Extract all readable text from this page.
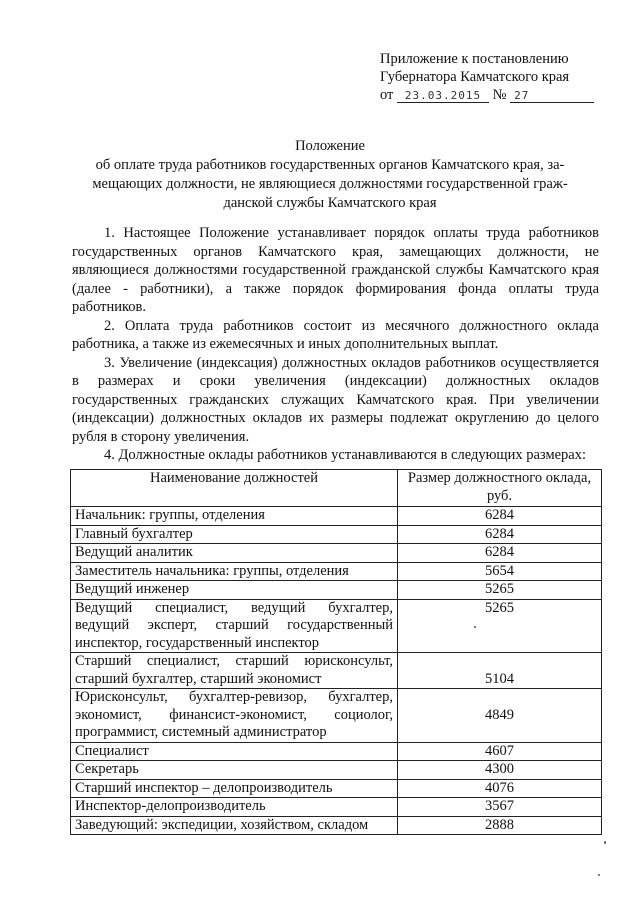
Приложение к постановлению
Губернатора Камчатского края
от 23.03.2015 № 27
Положение
об оплате труда работников государственных органов Камчатского края, за-
мещающих должности, не являющиеся должностями государственной граж-
данской службы Камчатского края

1. Настоящее Положение устанавливает порядок оплаты труда работников государственных органов Камчатского края, замещающих должности, не являющиеся должностями государственной гражданской службы Камчатского края (далее - работники), а также порядок формирования фонда оплаты труда работников.

2. Оплата труда работников состоит из месячного должностного оклада работника, а также из ежемесячных и иных дополнительных выплат.

3. Увеличение (индексация) должностных окладов работников осуществляется в размерах и сроки увеличения (индексации) должностных окладов государственных гражданских служащих Камчатского края. При увеличении (индексации) должностных окладов их размеры подлежат округлению до целого рубля в сторону увеличения.

4. Должностные оклады работников устанавливаются в следующих размерах:

Наименование должностей	Размер должностного оклада, руб.
Начальник: группы, отделения	6284
Главный бухгалтер	6284
Ведущий аналитик	6284
Заместитель начальника: группы, отделения	5654
Ведущий инженер	5265
Ведущий специалист, ведущий бухгалтер, ведущий эксперт, старший государственный инспектор, государственный инспектор	5265
Старший специалист, старший юрисконсульт, старший бухгалтер, старший экономист	5104
Юрисконсульт, бухгалтер-ревизор, бухгалтер, экономист, финансист-экономист, социолог, программист, системный администратор	4849
Специалист	4607
Секретарь	4300
Старший инспектор – делопроизводитель	4076
Инспектор-делопроизводитель	3567
Заведующий: экспедиции, хозяйством, складом	2888
